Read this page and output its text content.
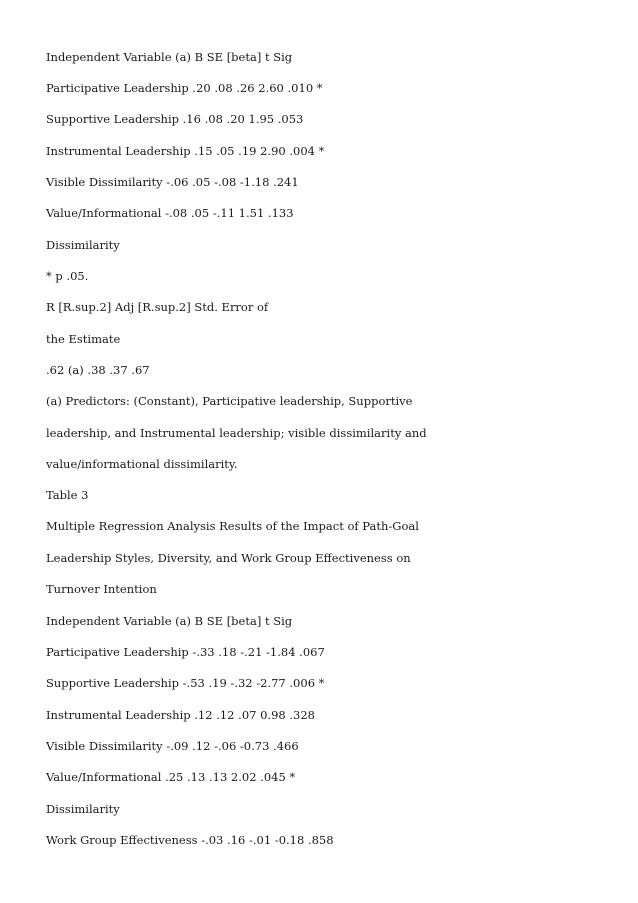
Independent Variable (a) B SE [beta] t Sig

Participative Leadership .20 .08 .26 2.60 .010 *

Supportive Leadership .16 .08 .20 1.95 .053

Instrumental Leadership .15 .05 .19 2.90 .004 *

Visible Dissimilarity -.06 .05 -.08 -1.18 .241

Value/Informational -.08 .05 -.11 1.51 .133

Dissimilarity

* p .05.

R [R.sup.2] Adj [R.sup.2] Std. Error of

the Estimate

.62 (a) .38 .37 .67

(a) Predictors: (Constant), Participative leadership, Supportive

leadership, and Instrumental leadership; visible dissimilarity and

value/informational dissimilarity.

Table 3

Multiple Regression Analysis Results of the Impact of Path-Goal

Leadership Styles, Diversity, and Work Group Effectiveness on

Turnover Intention

Independent Variable (a) B SE [beta] t Sig

Participative Leadership -.33 .18 -.21 -1.84 .067

Supportive Leadership -.53 .19 -.32 -2.77 .006 *

Instrumental Leadership .12 .12 .07 0.98 .328

Visible Dissimilarity -.09 .12 -.06 -0.73 .466

Value/Informational .25 .13 .13 2.02 .045 *

Dissimilarity

Work Group Effectiveness -.03 .16 -.01 -0.18 .858
